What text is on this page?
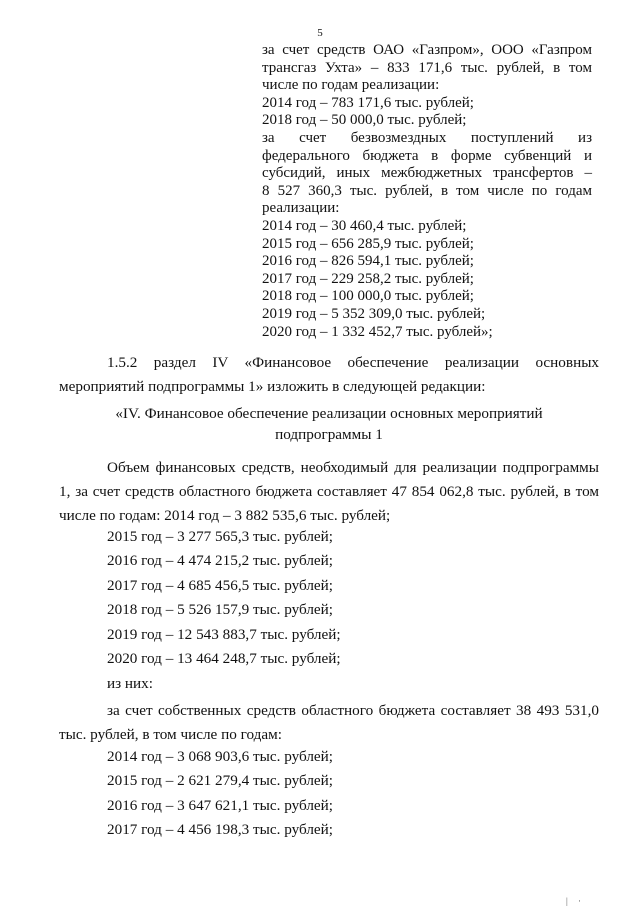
5
за счет средств ОАО «Газпром», ООО «Газпром
трансгаз Ухта» – 833 171,6 тыс. рублей, в том
числе по годам реализации:
2014 год – 783 171,6 тыс. рублей;
2018 год – 50 000,0 тыс. рублей;
за счет безвозмездных поступлений из
федерального бюджета в форме субвенций и
субсидий, иных межбюджетных трансфертов –
8 527 360,3 тыс. рублей, в том числе по годам
реализации:
2014 год – 30 460,4 тыс. рублей;
2015 год – 656 285,9 тыс. рублей;
2016 год – 826 594,1 тыс. рублей;
2017 год – 229 258,2 тыс. рублей;
2018 год – 100 000,0 тыс. рублей;
2019 год – 5 352 309,0 тыс. рублей;
2020 год – 1 332 452,7 тыс. рублей»;
1.5.2 раздел IV «Финансовое обеспечение реализации основных
мероприятий подпрограммы 1» изложить в следующей редакции:
«IV. Финансовое обеспечение реализации основных мероприятий
подпрограммы 1
Объем финансовых средств, необходимый для реализации подпрограммы
1, за счет средств областного бюджета составляет 47 854 062,8 тыс. рублей, в том
числе по годам: 2014 год – 3 882 535,6 тыс. рублей;
2015 год – 3 277 565,3 тыс. рублей;
2016 год – 4 474 215,2 тыс. рублей;
2017 год – 4 685 456,5 тыс. рублей;
2018 год – 5 526 157,9 тыс. рублей;
2019 год – 12 543 883,7 тыс. рублей;
2020 год – 13 464 248,7 тыс. рублей;
из них:
за счет собственных средств областного бюджета составляет 38 493 531,0
тыс. рублей, в том числе по годам:
2014 год – 3 068 903,6 тыс. рублей;
2015 год – 2 621 279,4 тыс. рублей;
2016 год – 3 647 621,1 тыс. рублей;
2017 год – 4 456 198,3 тыс. рублей;
| ·
